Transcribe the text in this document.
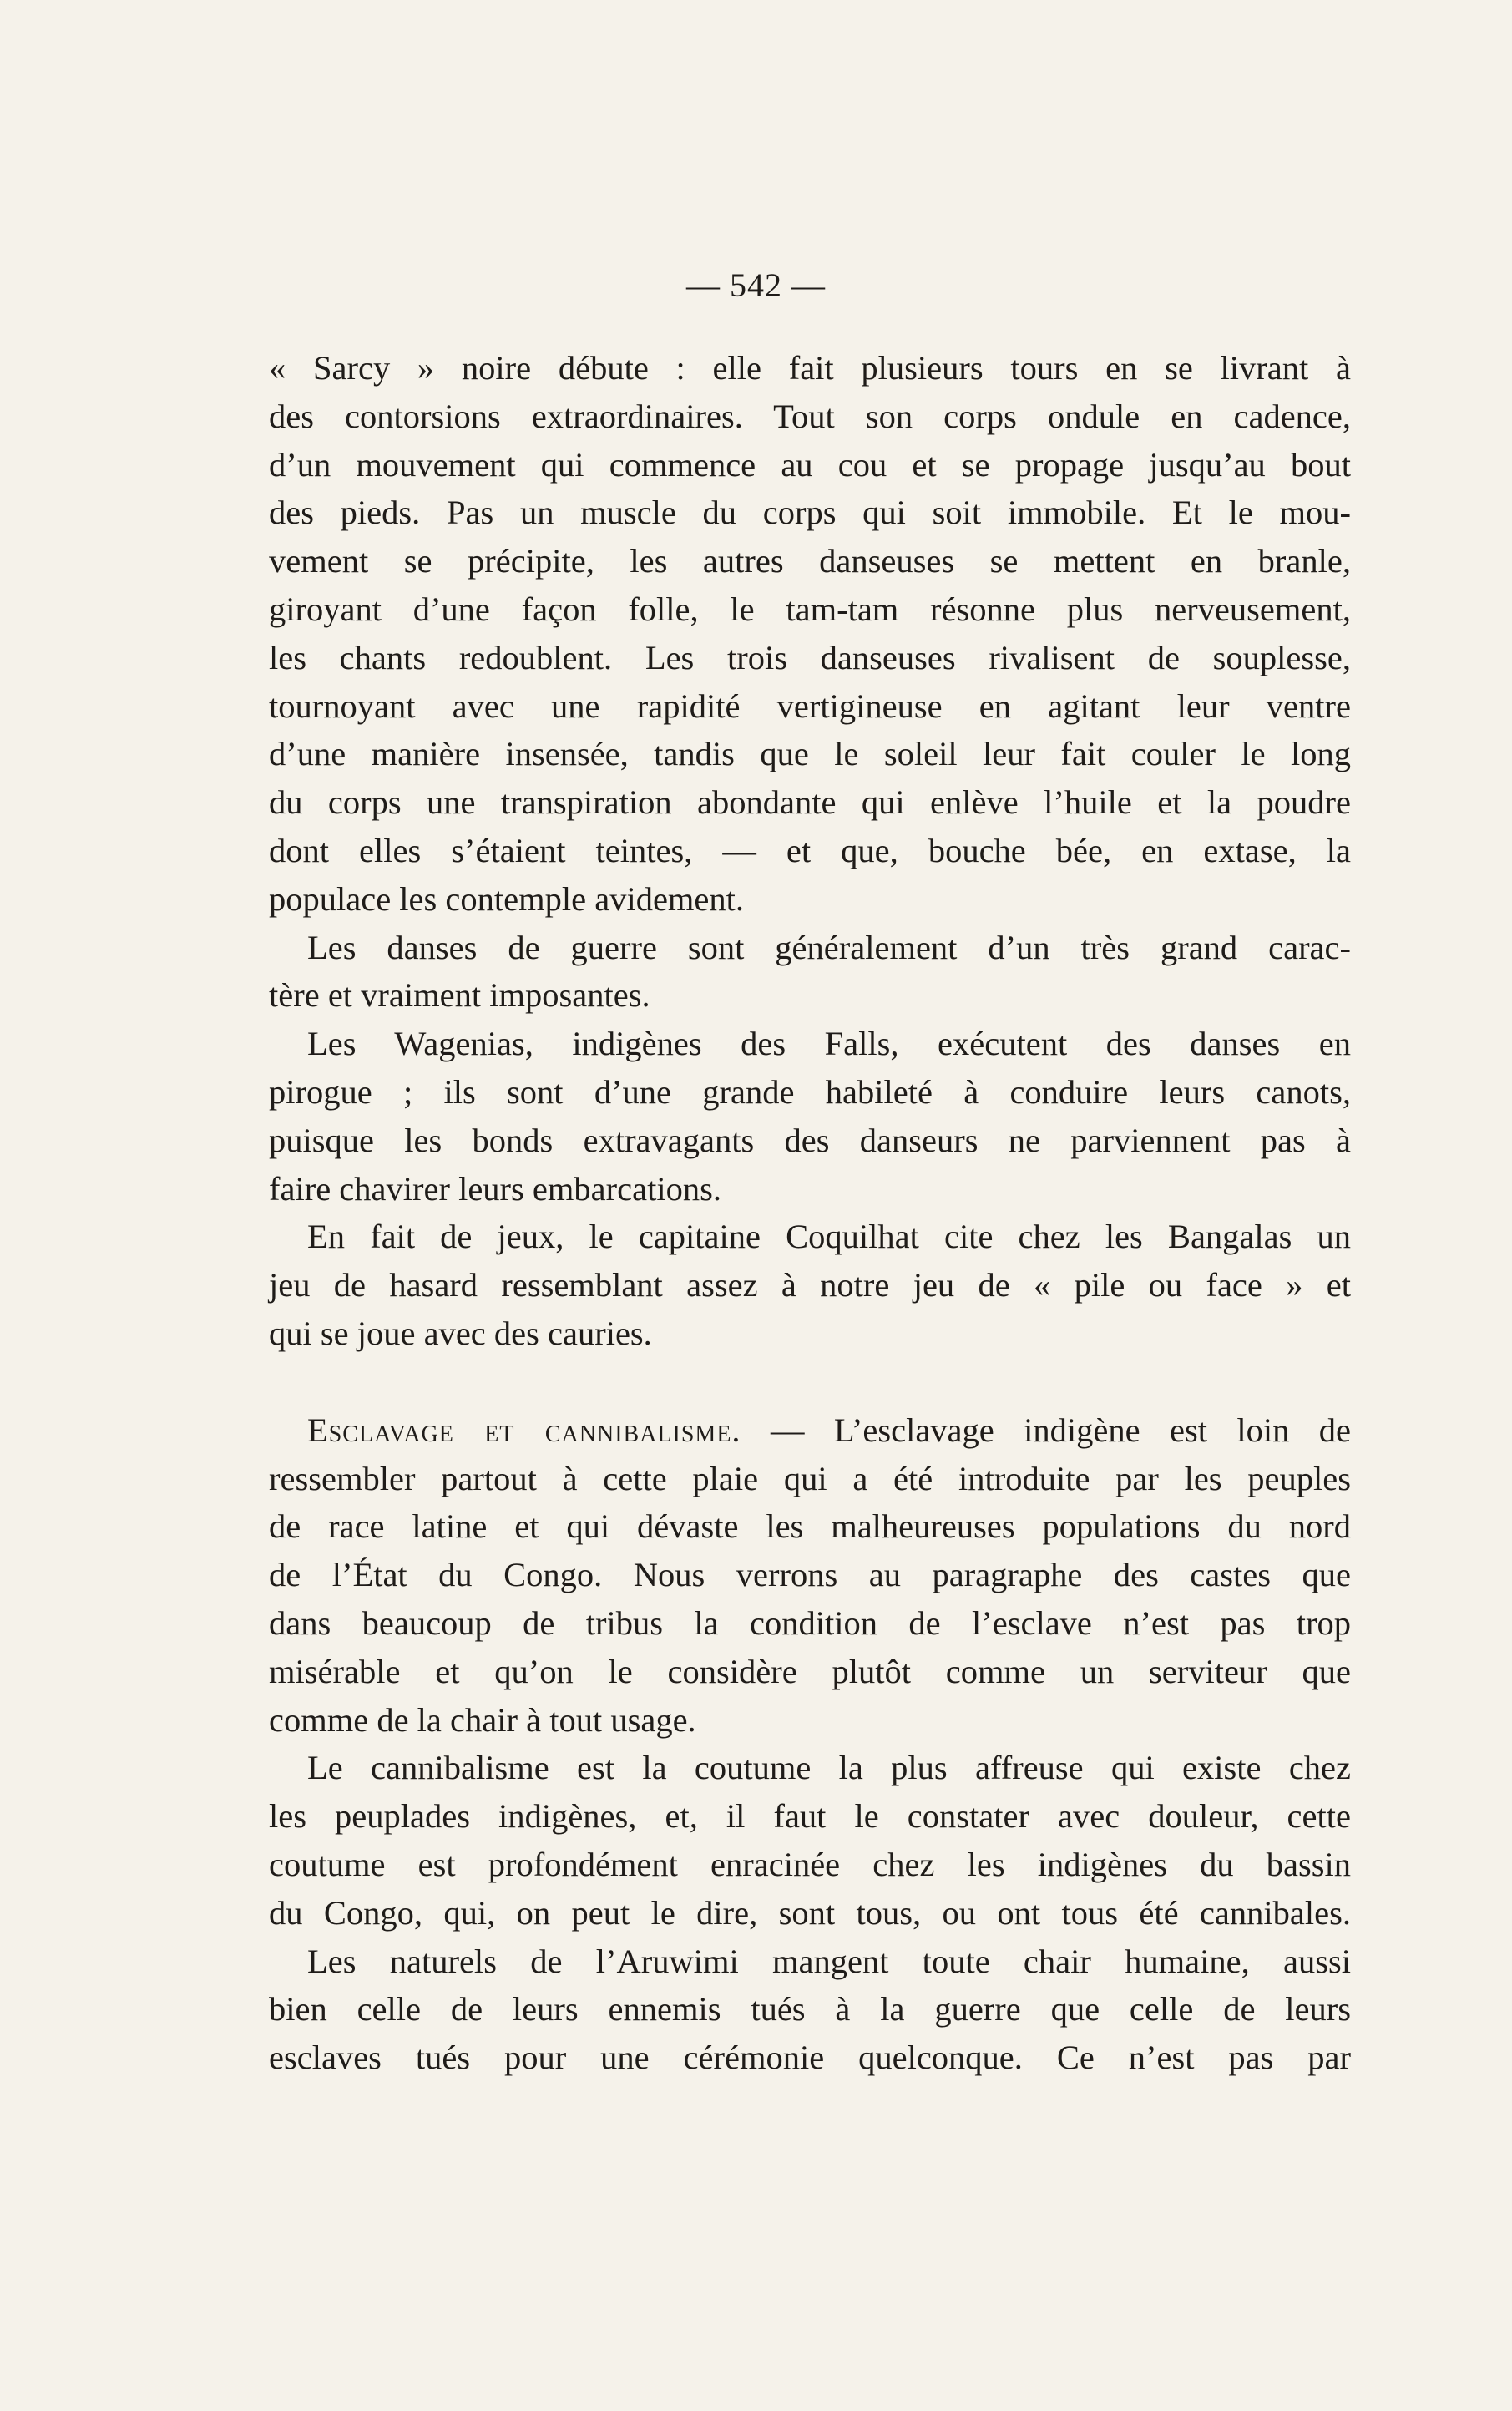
— 542 —
« Sarcy » noire débute : elle fait plusieurs tours en se livrant à
des contorsions extraordinaires. Tout son corps ondule en cadence,
d’un mouvement qui commence au cou et se propage jusqu’au bout
des pieds. Pas un muscle du corps qui soit immobile. Et le mou-
vement se précipite, les autres danseuses se mettent en branle,
giroyant d’une façon folle, le tam-tam résonne plus nerveusement,
les chants redoublent. Les trois danseuses rivalisent de souplesse,
tournoyant avec une rapidité vertigineuse en agitant leur ventre
d’une manière insensée, tandis que le soleil leur fait couler le long
du corps une transpiration abondante qui enlève l’huile et la poudre
dont elles s’étaient teintes, — et que, bouche bée, en extase, la
populace les contemple avidement.
Les danses de guerre sont généralement d’un très grand carac-
tère et vraiment imposantes.
Les Wagenias, indigènes des Falls, exécutent des danses en
pirogue ; ils sont d’une grande habileté à conduire leurs canots,
puisque les bonds extravagants des danseurs ne parviennent pas à
faire chavirer leurs embarcations.
En fait de jeux, le capitaine Coquilhat cite chez les Bangalas un
jeu de hasard ressemblant assez à notre jeu de « pile ou face » et
qui se joue avec des cauries.
Esclavage et cannibalisme. — L’esclavage indigène est loin de
ressembler partout à cette plaie qui a été introduite par les peuples
de race latine et qui dévaste les malheureuses populations du nord
de l’État du Congo. Nous verrons au paragraphe des castes que
dans beaucoup de tribus la condition de l’esclave n’est pas trop
misérable et qu’on le considère plutôt comme un serviteur que
comme de la chair à tout usage.
Le cannibalisme est la coutume la plus affreuse qui existe chez
les peuplades indigènes, et, il faut le constater avec douleur, cette
coutume est profondément enracinée chez les indigènes du bassin
du Congo, qui, on peut le dire, sont tous, ou ont tous été cannibales.
Les naturels de l’Aruwimi mangent toute chair humaine, aussi
bien celle de leurs ennemis tués à la guerre que celle de leurs
esclaves tués pour une cérémonie quelconque. Ce n’est pas par
